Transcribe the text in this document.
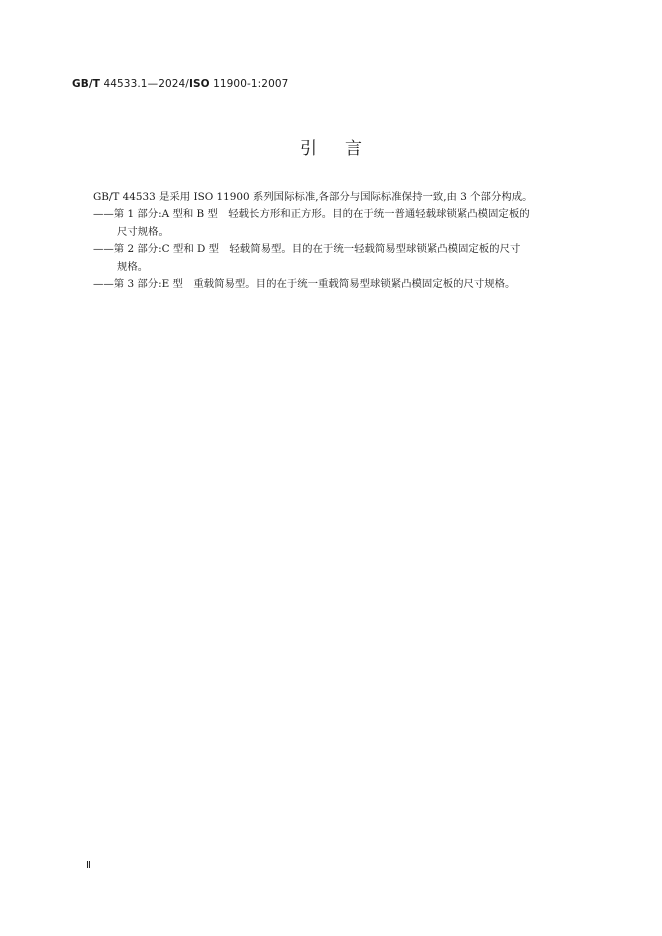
GB/T 44533.1—2024/ISO 11900-1:2007
引言

GB/T 44533 是采用 ISO 11900 系列国际标准,各部分与国际标准保持一致,由 3 个部分构成。

——第 1 部分:A 型和 B 型　轻载长方形和正方形。目的在于统一普通轻载球锁紧凸模固定板的
尺寸规格。

——第 2 部分:C 型和 D 型　轻载简易型。目的在于统一轻载简易型球锁紧凸模固定板的尺寸
规格。

——第 3 部分:E 型　重载简易型。目的在于统一重载简易型球锁紧凸模固定板的尺寸规格。

Ⅱ
